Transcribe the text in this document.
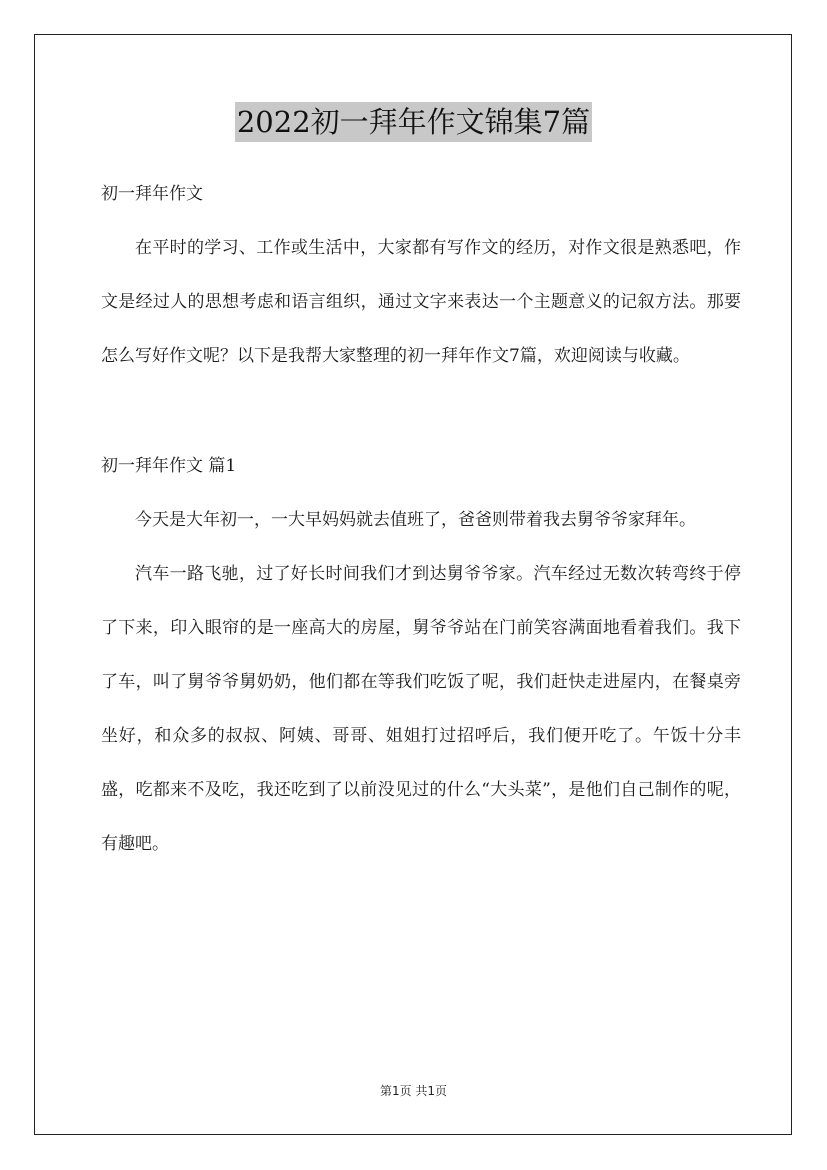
2022初一拜年作文锦集7篇

初一拜年作文

在平时的学习、工作或生活中，大家都有写作文的经历，对作文很是熟悉吧，作文是经过人的思想考虑和语言组织，通过文字来表达一个主题意义的记叙方法。那要怎么写好作文呢？以下是我帮大家整理的初一拜年作文7篇，欢迎阅读与收藏。

初一拜年作文 篇1

今天是大年初一，一大早妈妈就去值班了，爸爸则带着我去舅爷爷家拜年。

汽车一路飞驰，过了好长时间我们才到达舅爷爷家。汽车经过无数次转弯终于停了下来，印入眼帘的是一座高大的房屋，舅爷爷站在门前笑容满面地看着我们。我下了车，叫了舅爷爷舅奶奶，他们都在等我们吃饭了呢，我们赶快走进屋内，在餐桌旁坐好，和众多的叔叔、阿姨、哥哥、姐姐打过招呼后，我们便开吃了。午饭十分丰盛，吃都来不及吃，我还吃到了以前没见过的什么“大头菜”，是他们自己制作的呢，有趣吧。

第1页 共1页
